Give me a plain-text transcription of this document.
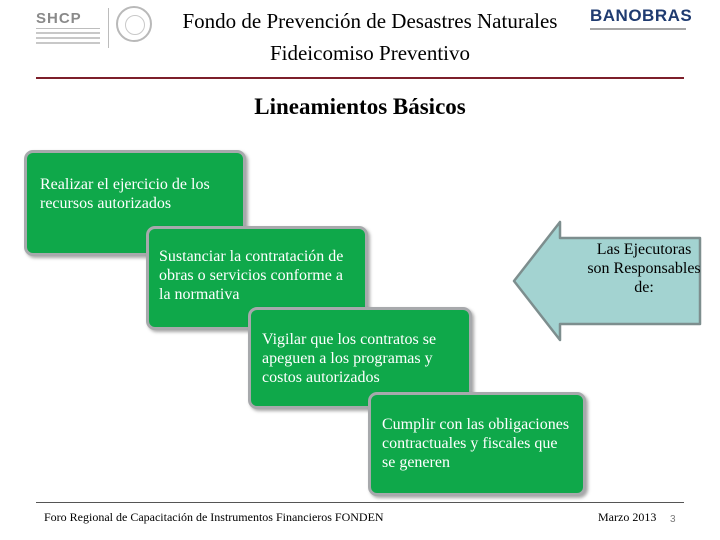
SHCP	Fondo de Prevención de Desastres Naturales
Fideicomiso Preventivo
BANOBRAS
Lineamientos Básicos
Realizar el ejercicio de los recursos autorizados
Sustanciar la contratación de obras o servicios conforme a la normativa
Vigilar que los contratos se apeguen a los programas y costos autorizados
Cumplir con las obligaciones contractuales y fiscales que se generen
Las Ejecutoras son Responsables de:
Foro Regional de Capacitación de Instrumentos Financieros FONDEN	Marzo 2013 3
